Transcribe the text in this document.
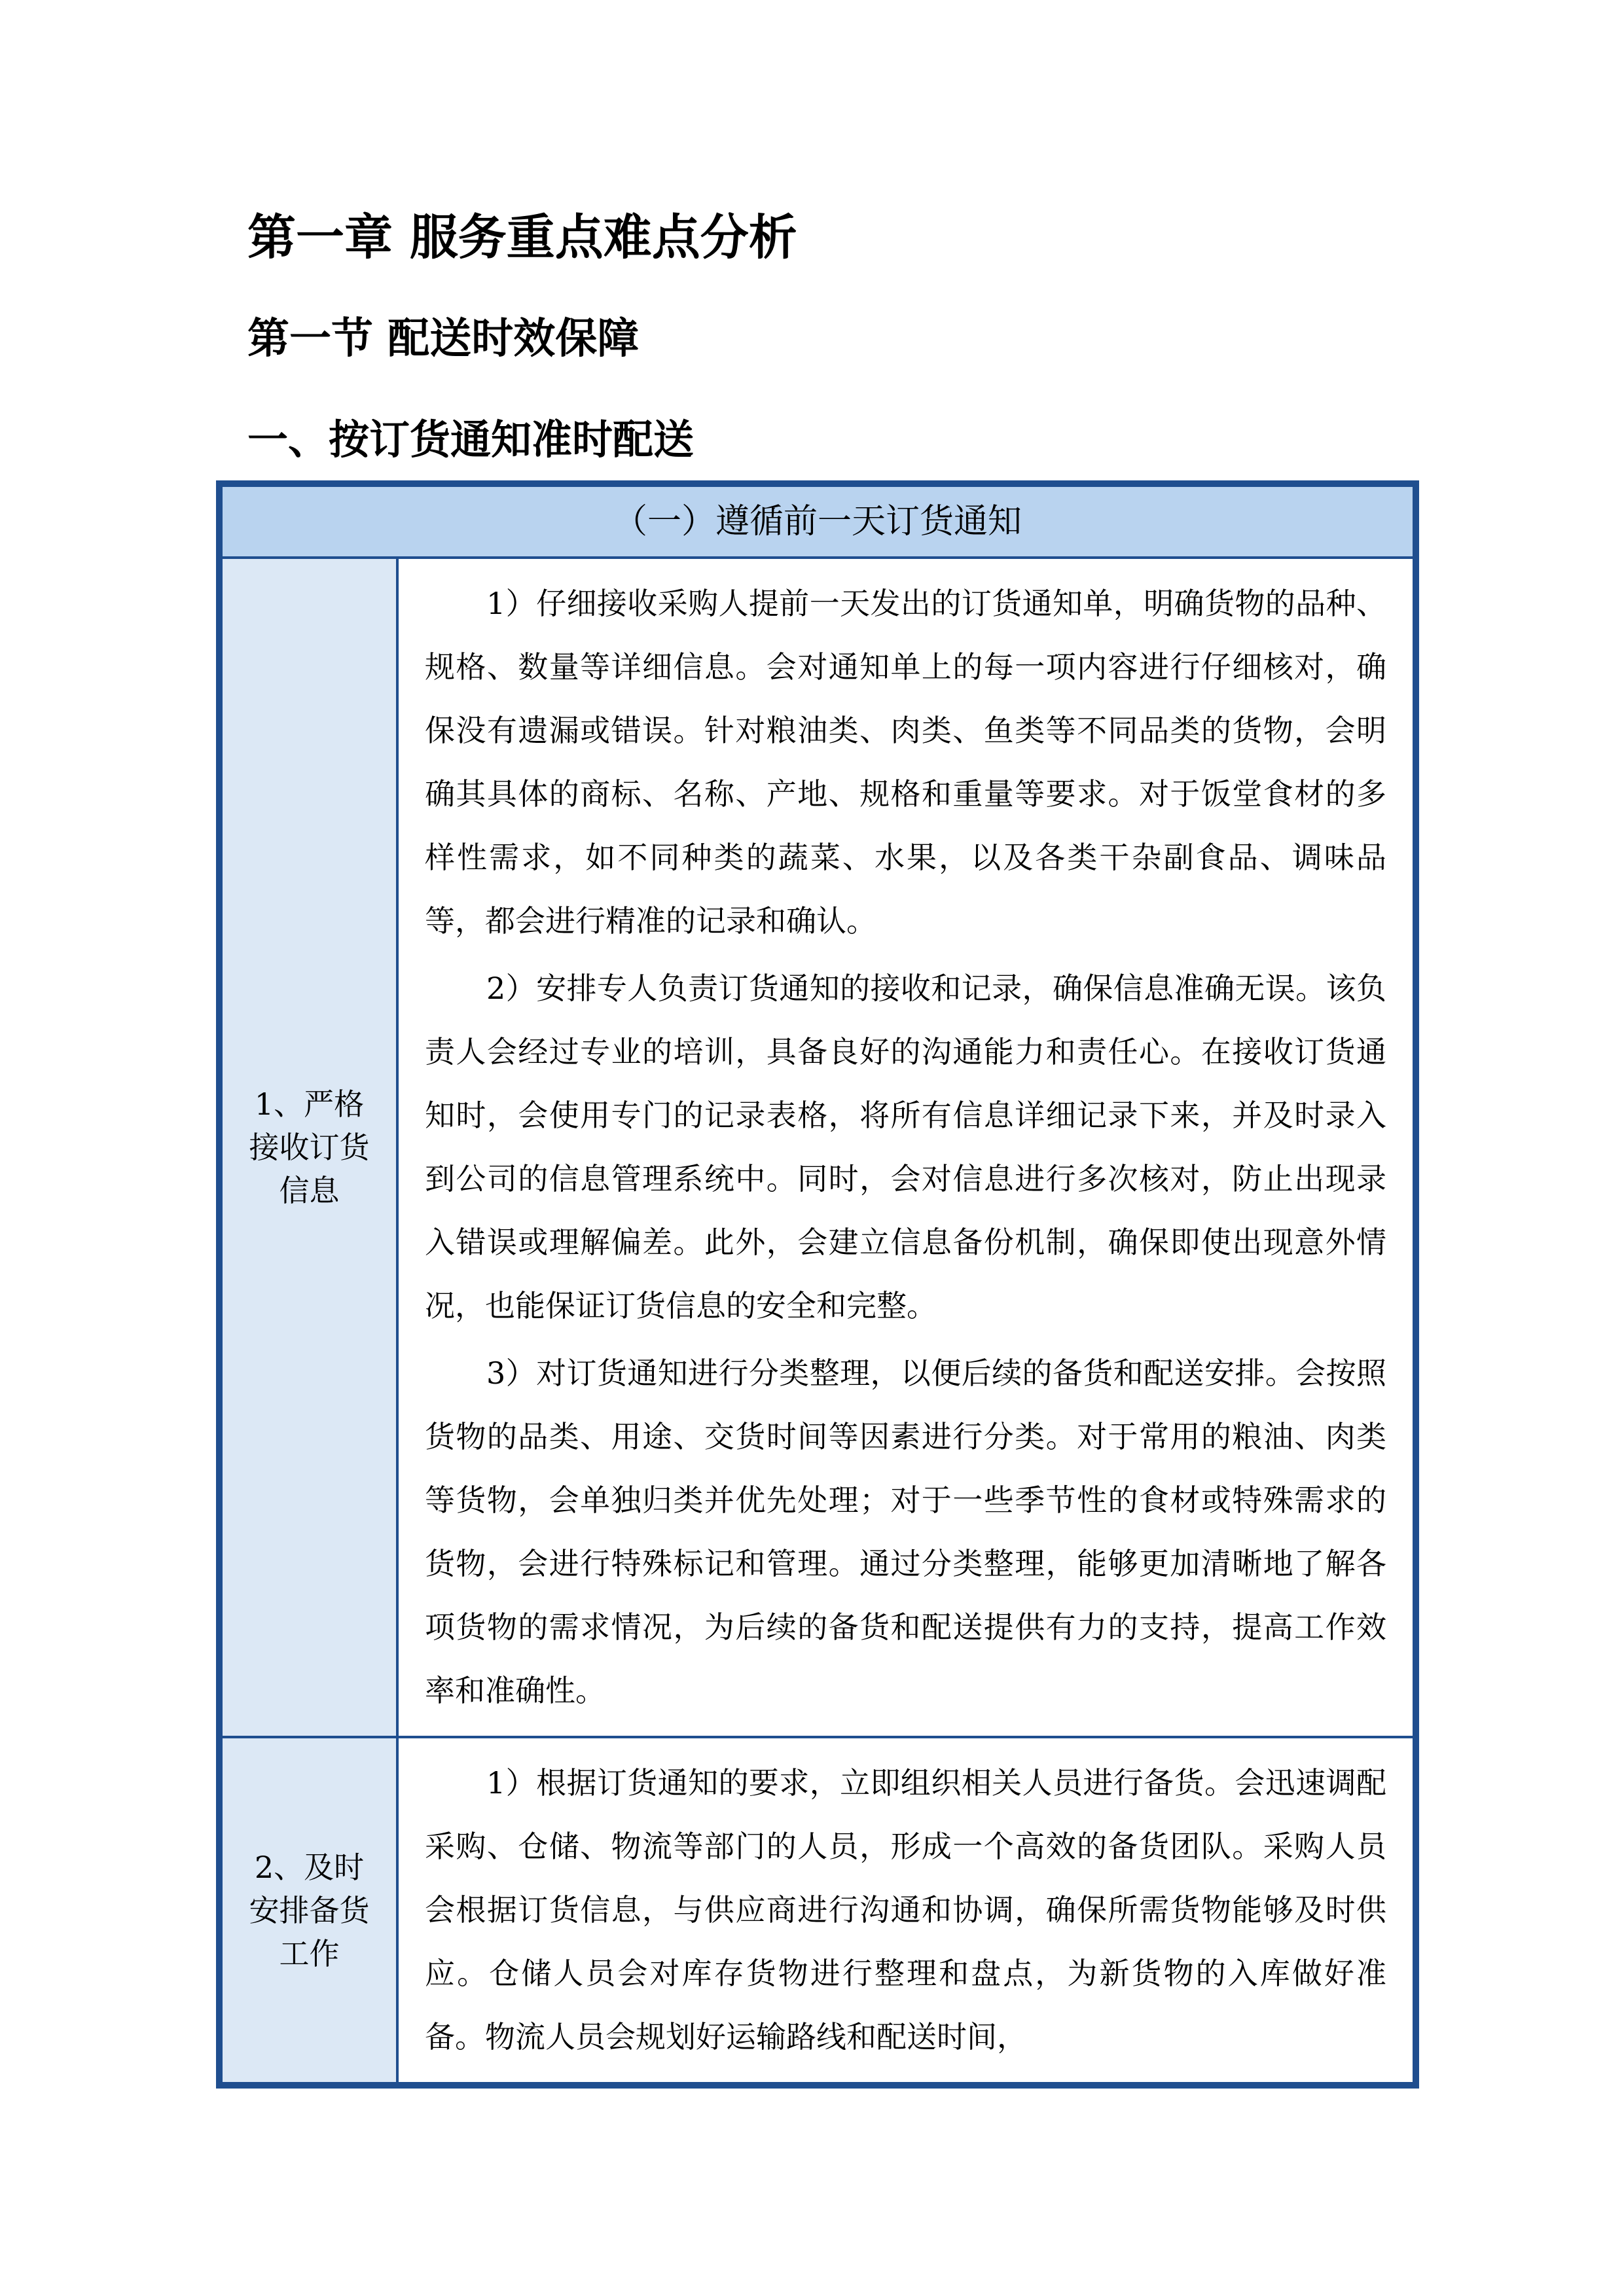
第一章 服务重点难点分析
第一节 配送时效保障
一、按订货通知准时配送
（一）遵循前一天订货通知	
1、严格接收订货信息	1）仔细接收采购人提前一天发出的订货通知单，明确货物的品种、规格、数量等详细信息。会对通知单上的每一项内容进行仔细核对，确保没有遗漏或错误。针对粮油类、肉类、鱼类等不同品类的货物，会明确其具体的商标、名称、产地、规格和重量等要求。对于饭堂食材的多样性需求，如不同种类的蔬菜、水果，以及各类干杂副食品、调味品等，都会进行精准的记录和确认。

2）安排专人负责订货通知的接收和记录，确保信息准确无误。该负责人会经过专业的培训，具备良好的沟通能力和责任心。在接收订货通知时，会使用专门的记录表格，将所有信息详细记录下来，并及时录入到公司的信息管理系统中。同时，会对信息进行多次核对，防止出现录入错误或理解偏差。此外，会建立信息备份机制，确保即使出现意外情况，也能保证订货信息的安全和完整。

3）对订货通知进行分类整理，以便后续的备货和配送安排。会按照货物的品类、用途、交货时间等因素进行分类。对于常用的粮油、肉类等货物，会单独归类并优先处理；对于一些季节性的食材或特殊需求的货物，会进行特殊标记和管理。通过分类整理，能够更加清晰地了解各项货物的需求情况，为后续的备货和配送提供有力的支持，提高工作效率和准确性。

2、及时安排备货工作	1）根据订货通知的要求，立即组织相关人员进行备货。会迅速调配采购、仓储、物流等部门的人员，形成一个高效的备货团队。采购人员会根据订货信息，与供应商进行沟通和协调，确保所需货物能够及时供应。仓储人员会对库存货物进行整理和盘点，为新货物的入库做好准备。物流人员会规划好运输路线和配送时间，
